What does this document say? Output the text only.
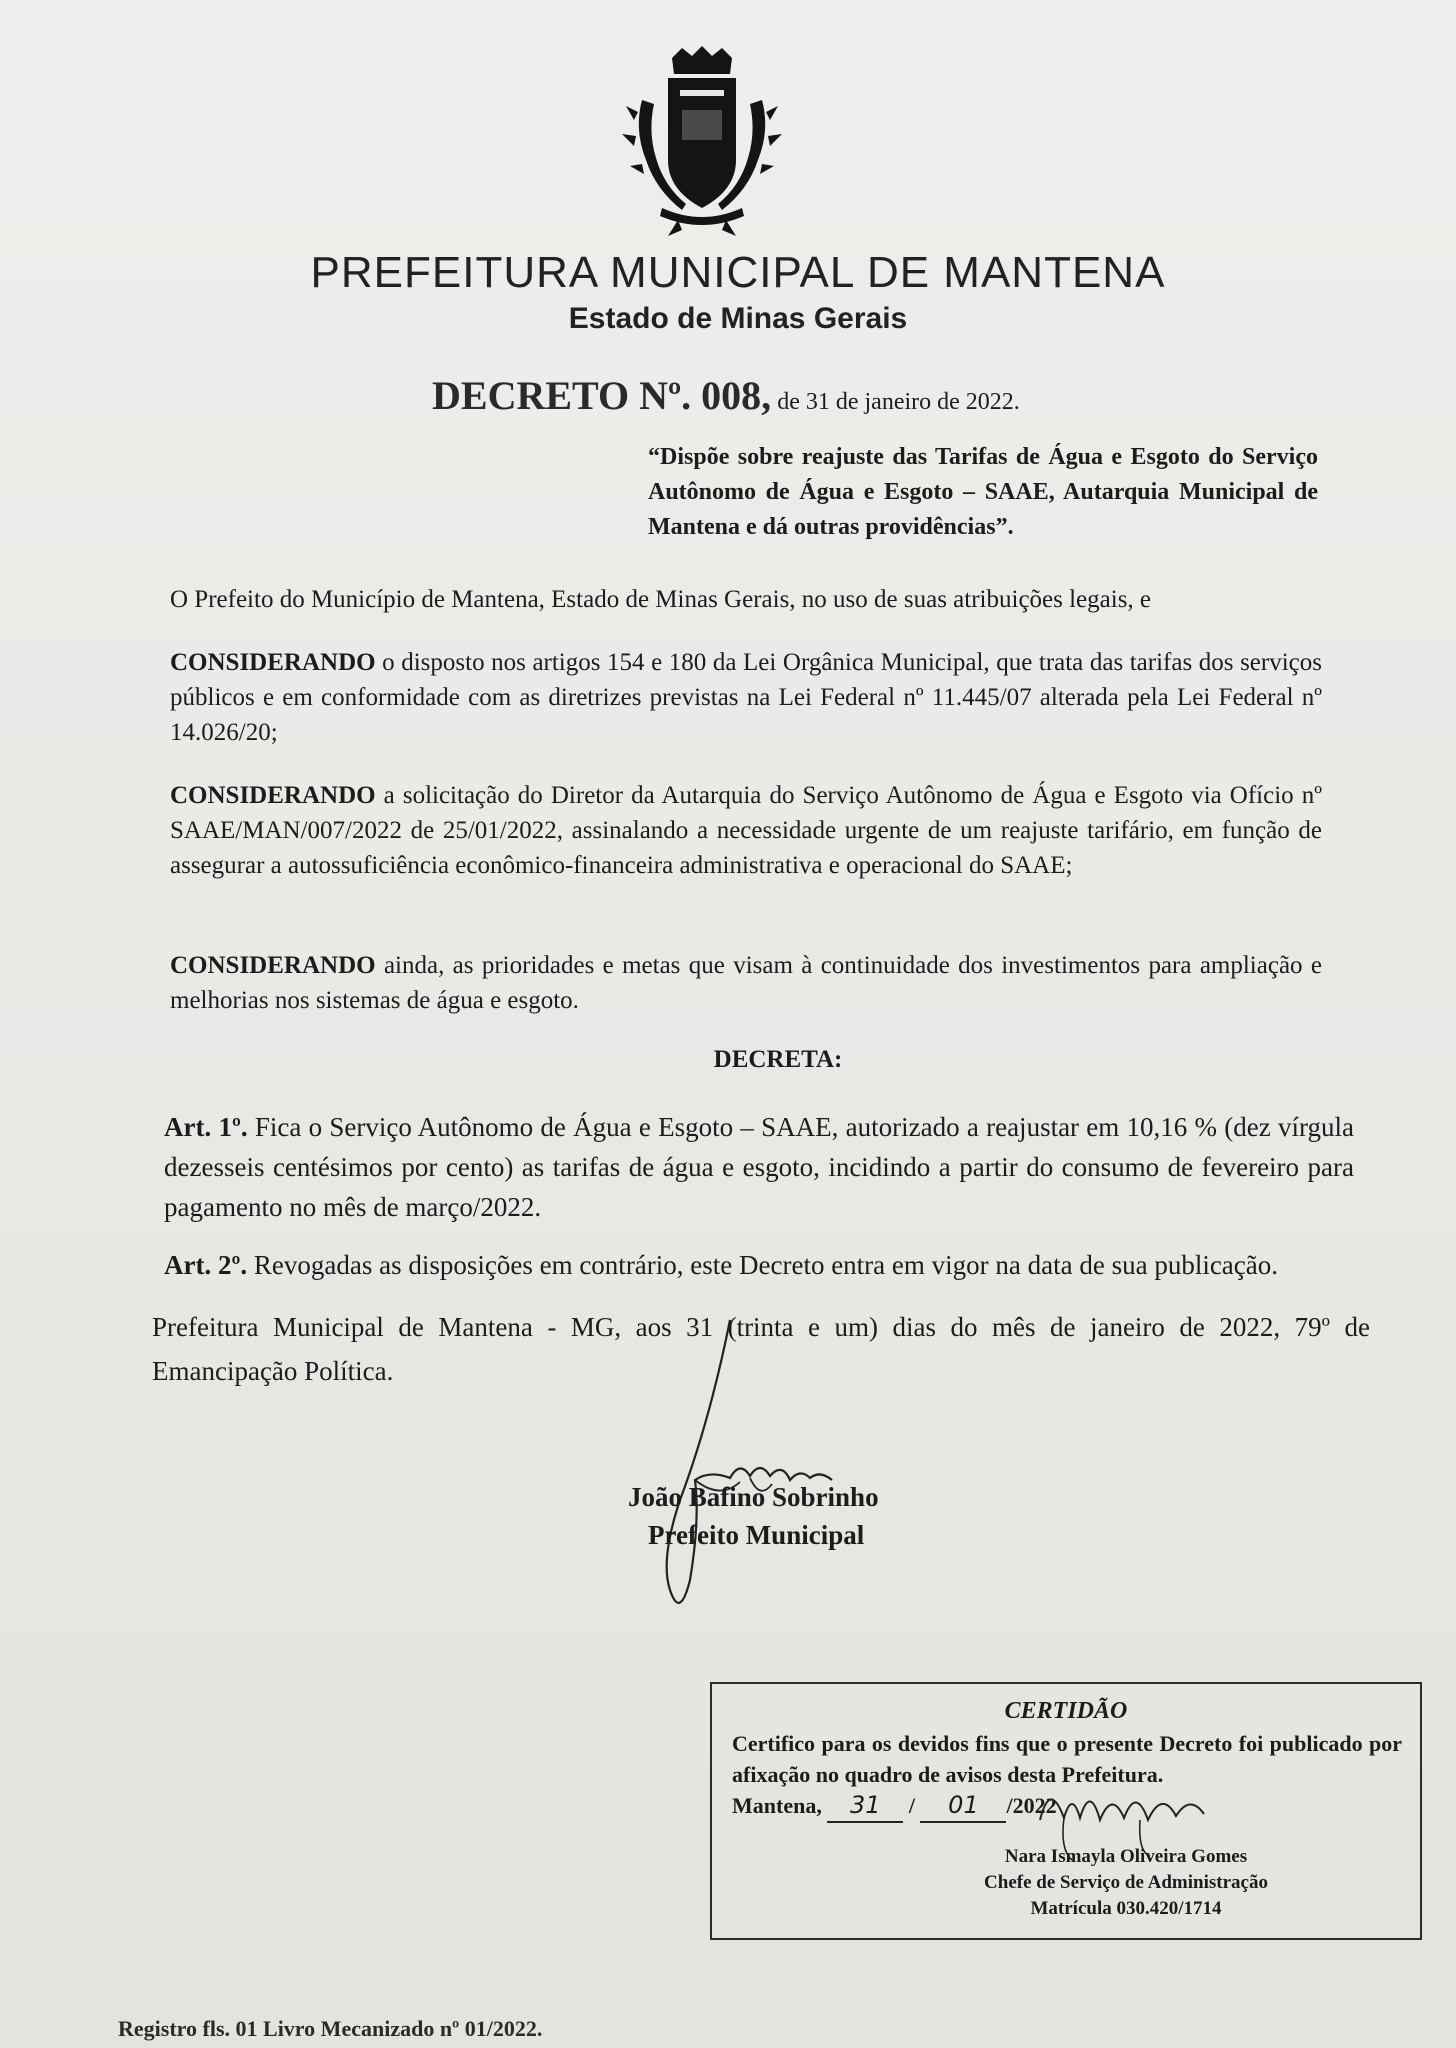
PREFEITURA MUNICIPAL DE MANTENA
Estado de Minas Gerais
DECRETO Nº. 008, de 31 de janeiro de 2022.
“Dispõe sobre reajuste das Tarifas de Água e Esgoto do Serviço Autônomo de Água e Esgoto – SAAE, Autarquia Municipal de Mantena e dá outras providências”.
O Prefeito do Município de Mantena, Estado de Minas Gerais, no uso de suas atribuições legais, e
CONSIDERANDO o disposto nos artigos 154 e 180 da Lei Orgânica Municipal, que trata das tarifas dos serviços públicos e em conformidade com as diretrizes previstas na Lei Federal nº 11.445/07 alterada pela Lei Federal nº 14.026/20;
CONSIDERANDO a solicitação do Diretor da Autarquia do Serviço Autônomo de Água e Esgoto via Ofício nº SAAE/MAN/007/2022 de 25/01/2022, assinalando a necessidade urgente de um reajuste tarifário, em função de assegurar a autossuficiência econômico-financeira administrativa e operacional do SAAE;
CONSIDERANDO ainda, as prioridades e metas que visam à continuidade dos investimentos para ampliação e melhorias nos sistemas de água e esgoto.
DECRETA:
Art. 1º. Fica o Serviço Autônomo de Água e Esgoto – SAAE, autorizado a reajustar em 10,16 % (dez vírgula dezesseis centésimos por cento) as tarifas de água e esgoto, incidindo a partir do consumo de fevereiro para pagamento no mês de março/2022.
Art. 2º. Revogadas as disposições em contrário, este Decreto entra em vigor na data de sua publicação.
Prefeitura Municipal de Mantena - MG, aos 31 (trinta e um) dias do mês de janeiro de 2022, 79º de Emancipação Política.
João Bafino Sobrinho
Prefeito Municipal
CERTIDÃO
Certifico para os devidos fins que o presente Decreto foi publicado por afixação no quadro de avisos desta Prefeitura.
Mantena, 31 / 01 /2022
Nara Ismayla Oliveira Gomes
Chefe de Serviço de Administração
Matrícula 030.420/1714
Registro fls. 01 Livro Mecanizado nº 01/2022.
